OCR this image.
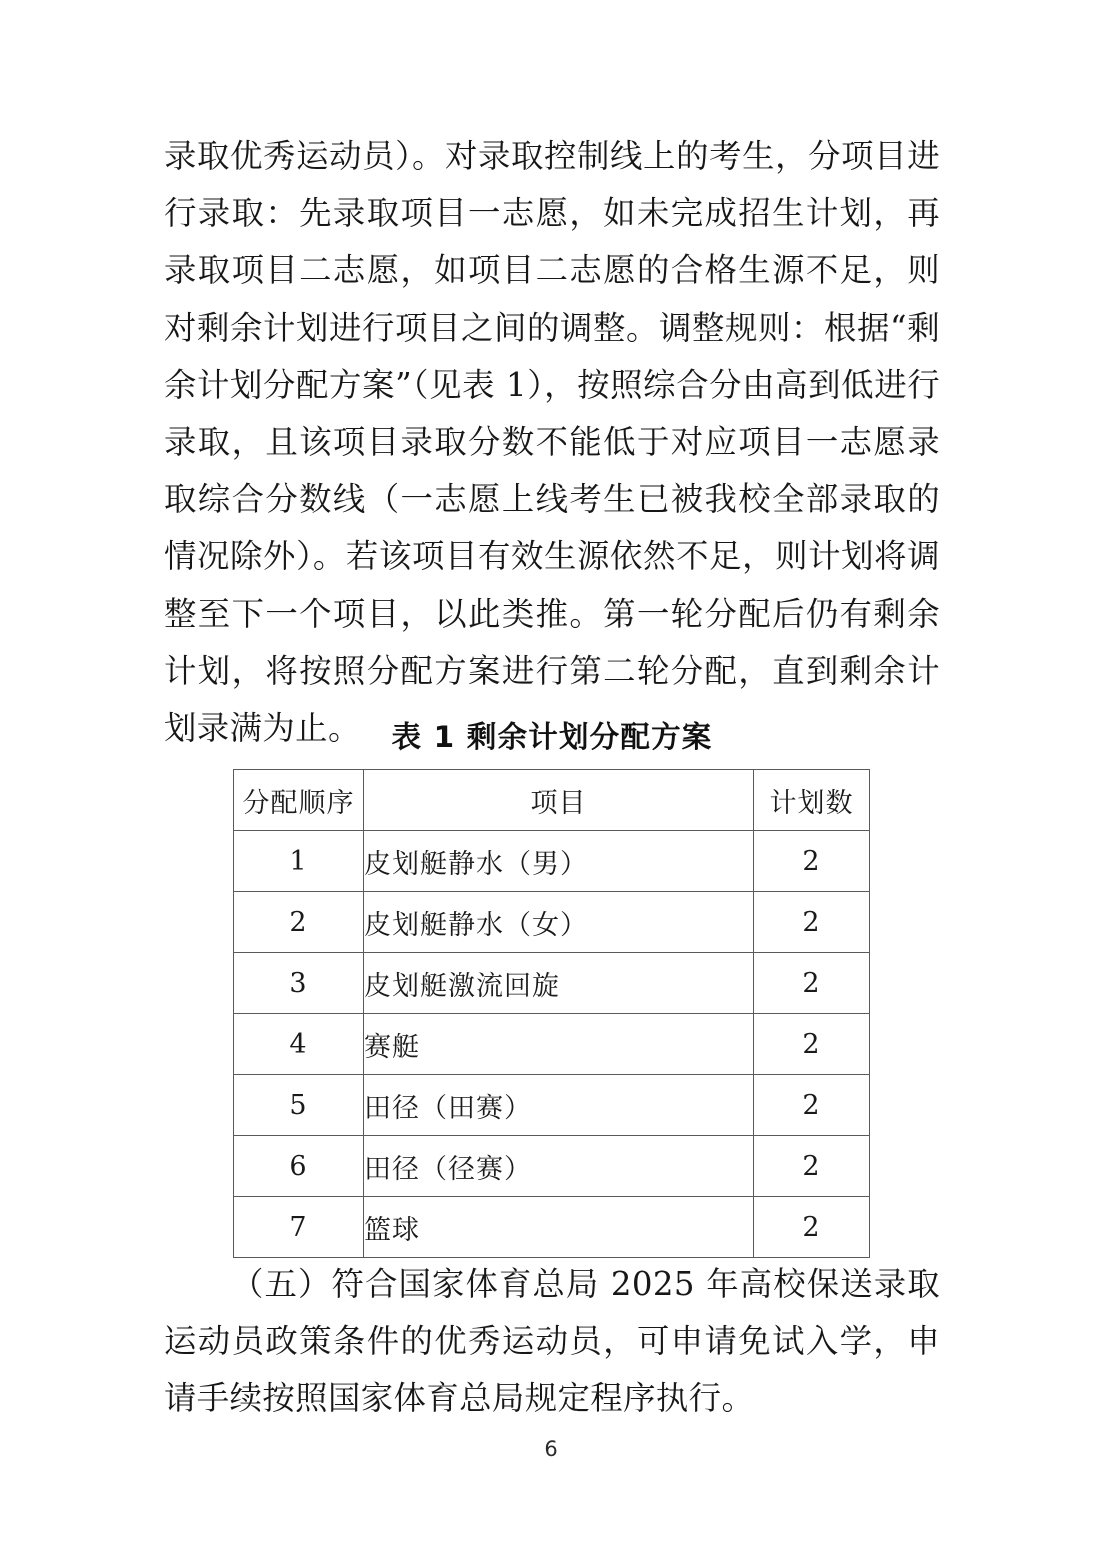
录取优秀运动员）。对录取控制线上的考生，分项目进行录取：先录取项目一志愿，如未完成招生计划，再录取项目二志愿，如项目二志愿的合格生源不足，则对剩余计划进行项目之间的调整。调整规则：根据“剩余计划分配方案”（见表 1），按照综合分由高到低进行录取，且该项目录取分数不能低于对应项目一志愿录取综合分数线（一志愿上线考生已被我校全部录取的情况除外）。若该项目有效生源依然不足，则计划将调整至下一个项目，以此类推。第一轮分配后仍有剩余计划，将按照分配方案进行第二轮分配，直到剩余计划录满为止。	表 1 剩余计划分配方案
分配顺序	项目	计划数
1	皮划艇静水（男）	2
2	皮划艇静水（女）	2
3	皮划艇激流回旋	2
4	赛艇	2
5	田径（田赛）	2
6	田径（径赛）	2
7	篮球	2

（五）符合国家体育总局 2025 年高校保送录取运动员政策条件的优秀运动员，可申请免试入学，申请手续按照国家体育总局规定程序执行。

6
